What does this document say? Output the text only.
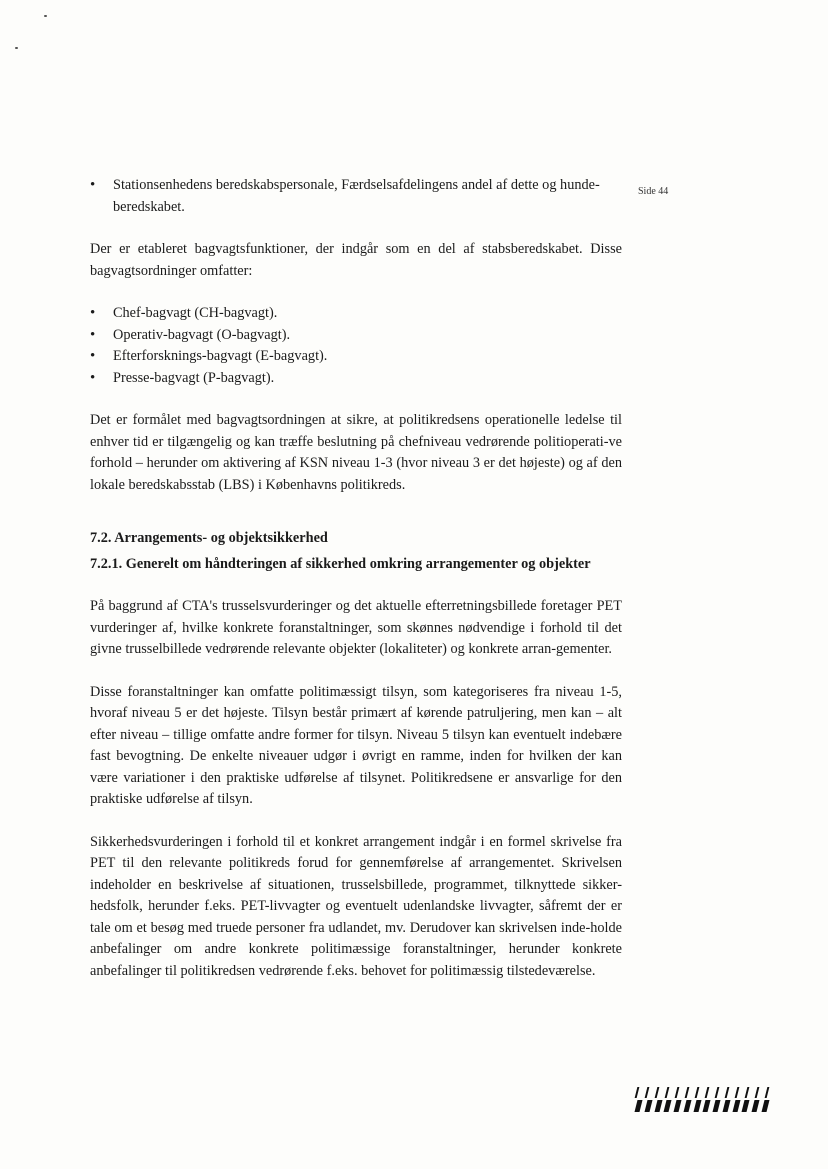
Side 44
• Stationsenhedens beredskabspersonale, Færdselsafdelingens andel af dette og hunde-beredskabet.

Der er etableret bagvagtsfunktioner, der indgår som en del af stabsberedskabet. Disse bagvagtsordninger omfatter:

• Chef-bagvagt (CH-bagvagt).
• Operativ-bagvagt (O-bagvagt).
• Efterforsknings-bagvagt (E-bagvagt).
• Presse-bagvagt (P-bagvagt).

Det er formålet med bagvagtsordningen at sikre, at politikredsens operationelle ledelse til enhver tid er tilgængelig og kan træffe beslutning på chefniveau vedrørende politioperati-ve forhold – herunder om aktivering af KSN niveau 1-3 (hvor niveau 3 er det højeste) og af den lokale beredskabsstab (LBS) i Københavns politikreds.

7.2. Arrangements- og objektsikkerhed
7.2.1. Generelt om håndteringen af sikkerhed omkring arrangementer og objekter

På baggrund af CTA's trusselsvurderinger og det aktuelle efterretningsbillede foretager PET vurderinger af, hvilke konkrete foranstaltninger, som skønnes nødvendige i forhold til det givne trusselbillede vedrørende relevante objekter (lokaliteter) og konkrete arran-gementer.

Disse foranstaltninger kan omfatte politimæssigt tilsyn, som kategoriseres fra niveau 1-5, hvoraf niveau 5 er det højeste. Tilsyn består primært af kørende patruljering, men kan – alt efter niveau – tillige omfatte andre former for tilsyn. Niveau 5 tilsyn kan eventuelt indebære fast bevogtning. De enkelte niveauer udgør i øvrigt en ramme, inden for hvilken der kan være variationer i den praktiske udførelse af tilsynet. Politikredsene er ansvarlige for den praktiske udførelse af tilsyn.

Sikkerhedsvurderingen i forhold til et konkret arrangement indgår i en formel skrivelse fra PET til den relevante politikreds forud for gennemførelse af arrangementet. Skrivelsen indeholder en beskrivelse af situationen, trusselsbillede, programmet, tilknyttede sikker-hedsfolk, herunder f.eks. PET-livvagter og eventuelt udenlandske livvagter, såfremt der er tale om et besøg med truede personer fra udlandet, mv. Derudover kan skrivelsen inde-holde anbefalinger om andre konkrete politimæssige foranstaltninger, herunder konkrete anbefalinger til politikredsen vedrørende f.eks. behovet for politimæssig tilstedeværelse.
